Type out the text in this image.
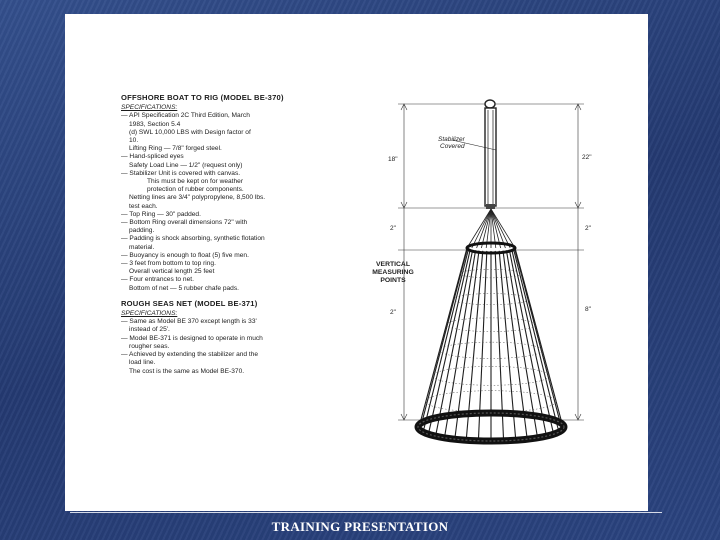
OFFSHORE BOAT TO RIG (MODEL BE-370)
SPECIFICATIONS:
— API Specification 2C Third Edition, March
1983, Section 5.4
(d) SWL 10,000 LBS with Design factor of
10.
Lifting Ring — 7/8" forged steel.
— Hand-spliced eyes
Safety Load Line — 1/2" (request only)
— Stabilizer Unit is covered with canvas.
This must be kept on for weather
protection of rubber components.
Netting lines are 3/4" polypropylene, 8,500 lbs.
test each.
— Top Ring — 30" padded.
— Bottom Ring overall dimensions 72" with
padding.
— Padding is shock absorbing, synthetic flotation
material.
— Buoyancy is enough to float (5) five men.
— 3 feet from bottom to top ring.
Overall vertical length 25 feet
— Four entrances to net.
Bottom of net — 5 rubber chafe pads.
ROUGH SEAS NET (MODEL BE-371)
SPECIFICATIONS:
— Same as Model BE 370 except length is 33'
instead of 25'.
— Model BE-371 is designed to operate in much
rougher seas.
— Achieved by extending the stabilizer and the
load line.
The cost is the same as Model BE-370.
Stabilizer
Covered
18"	22"
2"	2"
2"	8"
VERTICAL
MEASURING
POINTS
TRAINING PRESENTATION
